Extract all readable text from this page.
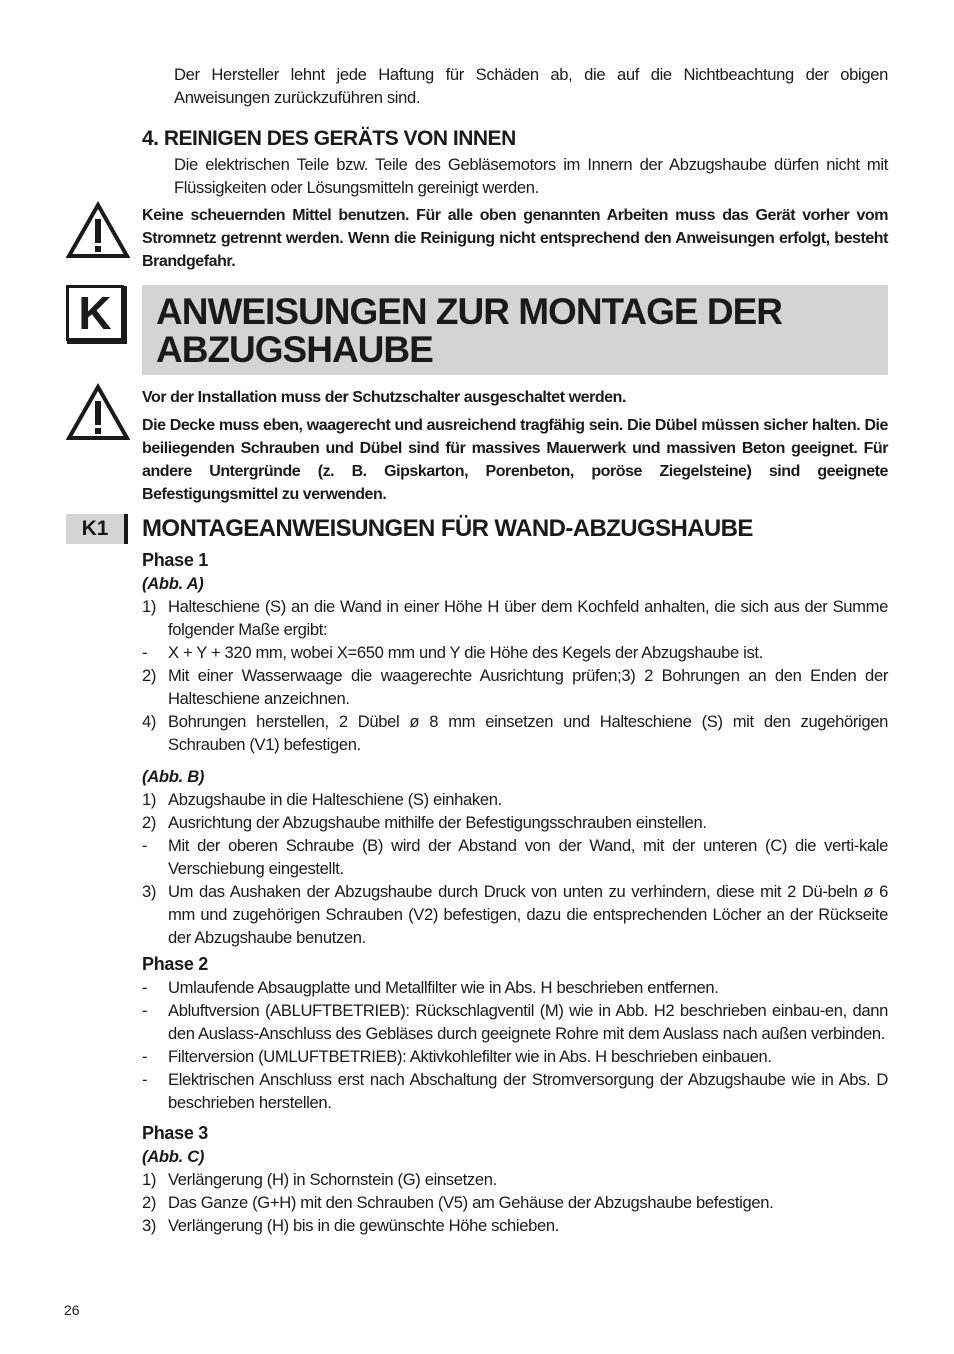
Der Hersteller lehnt jede Haftung für Schäden ab, die auf die Nichtbeachtung der obigen Anweisungen zurückzuführen sind.
4. REINIGEN DES GERÄTS VON INNEN
Die elektrischen Teile bzw. Teile des Gebläsemotors im Innern der Abzugshaube dürfen nicht mit Flüssigkeiten oder Lösungsmitteln gereinigt werden.
Keine scheuernden Mittel benutzen. Für alle oben genannten Arbeiten muss das Gerät vorher vom Stromnetz getrennt werden. Wenn die Reinigung nicht entsprechend den Anweisungen erfolgt, besteht Brandgefahr.
K ANWEISUNGEN ZUR MONTAGE DER
ABZUGSHAUBE
Vor der Installation muss der Schutzschalter ausgeschaltet werden.
Die Decke muss eben, waagerecht und ausreichend tragfähig sein. Die Dübel müssen sicher halten. Die beiliegenden Schrauben und Dübel sind für massives Mauerwerk und massiven Beton geeignet. Für andere Untergründe (z. B. Gipskarton, Porenbeton, poröse Ziegelsteine) sind geeignete Befestigungsmittel zu verwenden.
K1 MONTAGEANWEISUNGEN FÜR WAND-ABZUGSHAUBE
Phase 1
(Abb. A)
1) Halteschiene (S) an die Wand in einer Höhe H über dem Kochfeld anhalten, die sich aus der Summe folgender Maße ergibt:
- X + Y + 320 mm, wobei X=650 mm und Y die Höhe des Kegels der Abzugshaube ist.
2) Mit einer Wasserwaage die waagerechte Ausrichtung prüfen;3) 2 Bohrungen an den Enden der Halteschiene anzeichnen.
4) Bohrungen herstellen, 2 Dübel ø 8 mm einsetzen und Halteschiene (S) mit den zugehörigen Schrauben (V1) befestigen.
(Abb. B)
1) Abzugshaube in die Halteschiene (S) einhaken.
2) Ausrichtung der Abzugshaube mithilfe der Befestigungsschrauben einstellen.
- Mit der oberen Schraube (B) wird der Abstand von der Wand, mit der unteren (C) die verti-kale Verschiebung eingestellt.
3) Um das Aushaken der Abzugshaube durch Druck von unten zu verhindern, diese mit 2 Dü-beln ø 6 mm und zugehörigen Schrauben (V2) befestigen, dazu die entsprechenden Löcher an der Rückseite der Abzugshaube benutzen.
Phase 2
- Umlaufende Absaugplatte und Metallfilter wie in Abs. H beschrieben entfernen.
- Abluftversion (ABLUFTBETRIEB): Rückschlagventil (M) wie in Abb. H2 beschrieben einbau-en, dann den Auslass-Anschluss des Gebläses durch geeignete Rohre mit dem Auslass nach außen verbinden.
- Filterversion (UMLUFTBETRIEB): Aktivkohlefilter wie in Abs. H beschrieben einbauen.
- Elektrischen Anschluss erst nach Abschaltung der Stromversorgung der Abzugshaube wie in Abs. D beschrieben herstellen.
Phase 3
(Abb. C)
1) Verlängerung (H) in Schornstein (G) einsetzen.
2) Das Ganze (G+H) mit den Schrauben (V5) am Gehäuse der Abzugshaube befestigen.
3) Verlängerung (H) bis in die gewünschte Höhe schieben.
26
